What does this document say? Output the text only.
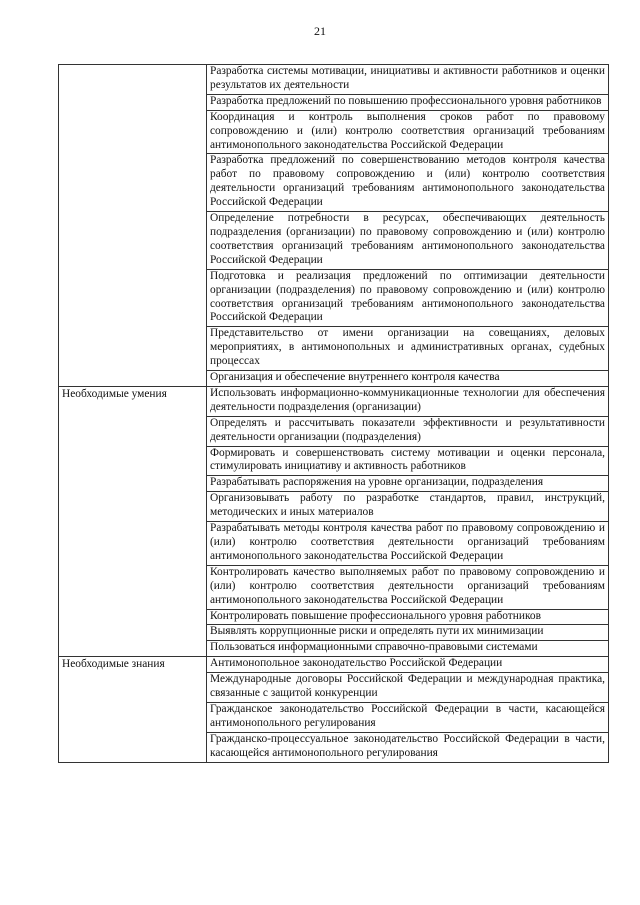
21
	Разработка системы мотивации, инициативы и активности работников и оценки результатов их деятельности
	Разработка предложений по повышению профессионального уровня работников
	Координация и контроль выполнения сроков работ по правовому сопровождению и (или) контролю соответствия организаций требованиям антимонопольного законодательства Российской Федерации
	Разработка предложений по совершенствованию методов контроля качества работ по правовому сопровождению и (или) контролю соответствия деятельности организаций требованиям антимонопольного законодательства Российской Федерации
	Определение потребности в ресурсах, обеспечивающих деятельность подразделения (организации) по правовому сопровождению и (или) контролю соответствия организаций требованиям антимонопольного законодательства Российской Федерации
	Подготовка и реализация предложений по оптимизации деятельности организации (подразделения) по правовому сопровождению и (или) контролю соответствия организаций требованиям антимонопольного законодательства Российской Федерации
	Представительство от имени организации на совещаниях, деловых мероприятиях, в антимонопольных и административных органах, судебных процессах
	Организация и обеспечение внутреннего контроля качества
Необходимые умения	Использовать информационно-коммуникационные технологии для обеспечения деятельности подразделения (организации)
	Определять и рассчитывать показатели эффективности и результативности деятельности организации (подразделения)
	Формировать и совершенствовать систему мотивации и оценки персонала, стимулировать инициативу и активность работников
	Разрабатывать распоряжения на уровне организации, подразделения
	Организовывать работу по разработке стандартов, правил, инструкций, методических и иных материалов
	Разрабатывать методы контроля качества работ по правовому сопровождению и (или) контролю соответствия деятельности организаций требованиям антимонопольного законодательства Российской Федерации
	Контролировать качество выполняемых работ по правовому сопровождению и (или) контролю соответствия деятельности организаций требованиям антимонопольного законодательства Российской Федерации
	Контролировать повышение профессионального уровня работников
	Выявлять коррупционные риски и определять пути их минимизации
	Пользоваться информационными справочно-правовыми системами
Необходимые знания	Антимонопольное законодательство Российской Федерации
	Международные договоры Российской Федерации и международная практика, связанные с защитой конкуренции
	Гражданское законодательство Российской Федерации в части, касающейся антимонопольного регулирования
	Гражданско-процессуальное законодательство Российской Федерации в части, касающейся антимонопольного регулирования
